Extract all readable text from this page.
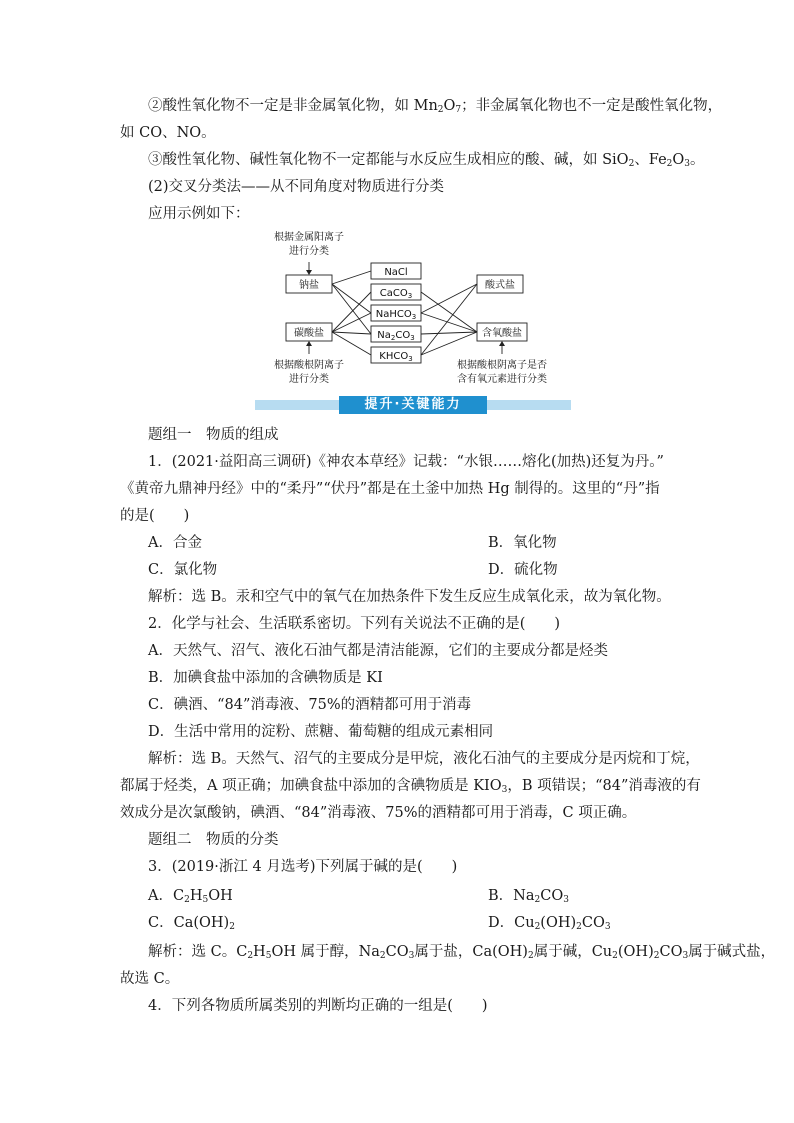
②酸性氧化物不一定是非金属氧化物，如 $Mn_2O_7$；非金属氧化物也不一定是酸性氧化物，
如 CO、NO。
③酸性氧化物、碱性氧化物不一定都能与水反应生成相应的酸、碱，如 SiO$_2$、$Fe_2O_3$。
(2)交叉分类法——从不同角度对物质进行分类
应用示例如下：
根据金属阳离子
进行分类
钠盐
碳酸盐
根据酸根阴离子
进行分类
NaCl
CaCO$_3$
NaHCO$_3$
$Na_2CO_3$
$KHCO_3$
酸式盐
含氧酸盐
根据酸根阴离子是否
含有氧元素进行分类
提升·关键能力
题组一　物质的组成
1．(2021·益阳高三调研)《神农本草经》记载：“水银……熔化(加热)还复为丹。”
《黄帝九鼎神丹经》中的“柔丹”“伏丹”都是在土釜中加热 Hg 制得的。这里的“丹”指
的是(　　)
A．合金	B．氧化物
C．氯化物	D．硫化物
解析：选 B。汞和空气中的氧气在加热条件下发生反应生成氧化汞，故为氧化物。
2．化学与社会、生活联系密切。下列有关说法不正确的是(　　)
A．天然气、沼气、液化石油气都是清洁能源，它们的主要成分都是烃类
B．加碘食盐中添加的含碘物质是 KI
C．碘酒、“84”消毒液、75%的酒精都可用于消毒
D．生活中常用的淀粉、蔗糖、葡萄糖的组成元素相同
解析：选 B。天然气、沼气的主要成分是甲烷，液化石油气的主要成分是丙烷和丁烷，
都属于烃类，A 项正确；加碘食盐中添加的含碘物质是 $KIO_3$，B 项错误；“84”消毒液的有
效成分是次氯酸钠，碘酒、“84”消毒液、75%的酒精都可用于消毒，C 项正确。
题组二　物质的分类
3．(2019·浙江 4 月选考)下列属于碱的是(　　)
A．$C_2H_5OH$	B．$Na_2CO_3$
C．$Ca(OH)_2$	D．$Cu_2(OH)_2CO_3$
解析：选 C。$C_2H_5OH$ 属于醇，$Na_2CO_3$属于盐，$Ca(OH)_2$属于碱，$Cu_2(OH)_2CO_3$属于碱式盐，
故选 C。
4．下列各物质所属类别的判断均正确的一组是(　　)
